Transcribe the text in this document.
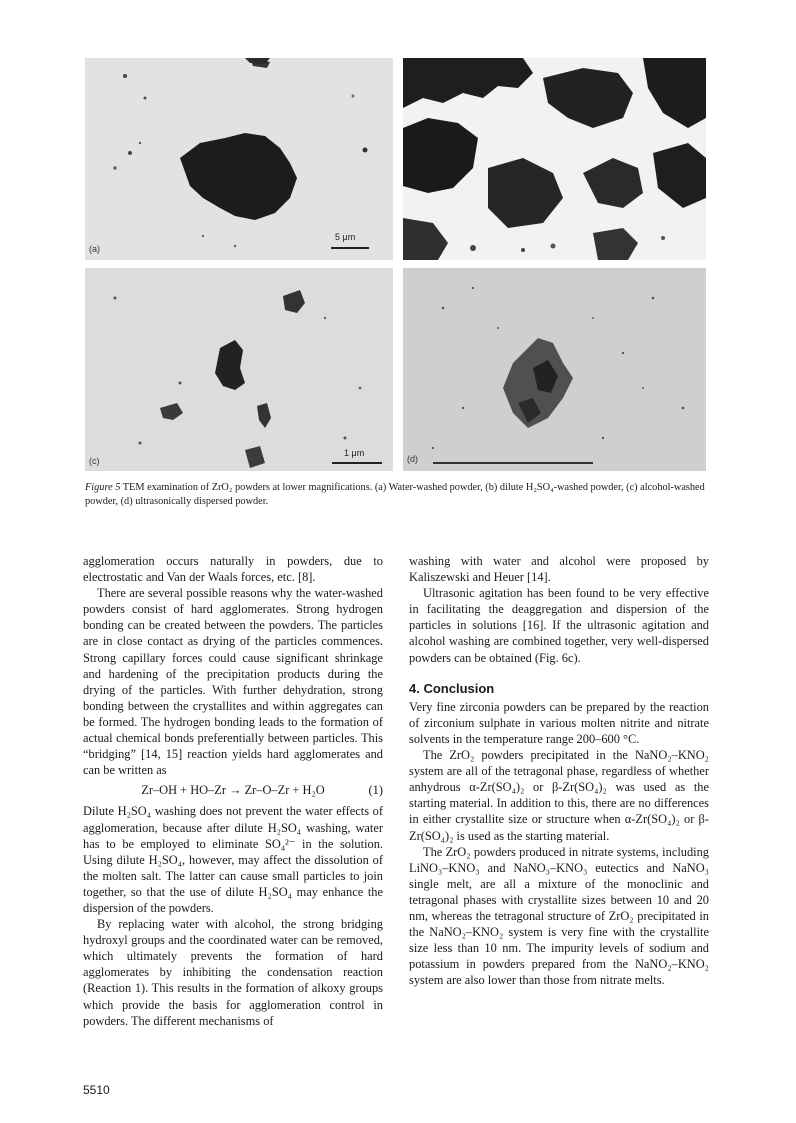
(a)
5 μm
(b)
(c)
1 μm
(d)
Figure 5 TEM examination of ZrO₂ powders at lower magnifications. (a) Water-washed powder, (b) dilute H₂SO₄-washed powder, (c) alcohol-washed powder, (d) ultrasonically dispersed powder.

agglomeration occurs naturally in powders, due to electrostatic and Van der Waals forces, etc. [8].

There are several possible reasons why the water-washed powders consist of hard agglomerates. Strong hydrogen bonding can be created between the powders. The particles are in close contact as drying of the particles commences. Strong capillary forces could cause significant shrinkage and hardening of the precipitation products during the drying of the particles. With further dehydration, strong bonding between the crystallites and within aggregates can be formed. The hydrogen bonding leads to the formation of actual chemical bonds preferentially between particles. This “bridging” [14, 15] reaction yields hard agglomerates and can be written as

Zr–OH + HO–Zr → Zr–O–Zr + H₂O	(1)

Dilute H₂SO₄ washing does not prevent the water effects of agglomeration, because after dilute H₂SO₄ washing, water has to be employed to eliminate SO₄²⁻ in the solution. Using dilute H₂SO₄, however, may affect the dissolution of the molten salt. The latter can cause small particles to join together, so that the use of dilute H₂SO₄ may enhance the dispersion of the powders.

By replacing water with alcohol, the strong bridging hydroxyl groups and the coordinated water can be removed, which ultimately prevents the formation of hard agglomerates by inhibiting the condensation reaction (Reaction 1). This results in the formation of alkoxy groups which provide the basis for agglomeration control in powders. The different mechanisms of

washing with water and alcohol were proposed by Kaliszewski and Heuer [14].

Ultrasonic agitation has been found to be very effective in facilitating the deaggregation and dispersion of the particles in solutions [16]. If the ultrasonic agitation and alcohol washing are combined together, very well-dispersed powders can be obtained (Fig. 6c).

4. Conclusion

Very fine zirconia powders can be prepared by the reaction of zirconium sulphate in various molten nitrite and nitrate solvents in the temperature range 200–600 °C.

The ZrO₂ powders precipitated in the NaNO₂–KNO₂ system are all of the tetragonal phase, regardless of whether anhydrous α-Zr(SO₄)₂ or β-Zr(SO₄)₂ was used as the starting material. In addition to this, there are no differences in either crystallite size or structure when α-Zr(SO₄)₂ or β-Zr(SO₄)₂ is used as the starting material.

The ZrO₂ powders produced in nitrate systems, including LiNO₃–KNO₃ and NaNO₃–KNO₃ eutectics and NaNO₃ single melt, are all a mixture of the monoclinic and tetragonal phases with crystallite sizes between 10 and 20 nm, whereas the tetragonal structure of ZrO₂ precipitated in the NaNO₂–KNO₂ system is very fine with the crystallite size less than 10 nm. The impurity levels of sodium and potassium in powders prepared from the NaNO₂–KNO₂ system are also lower than those from nitrate melts.

5510
